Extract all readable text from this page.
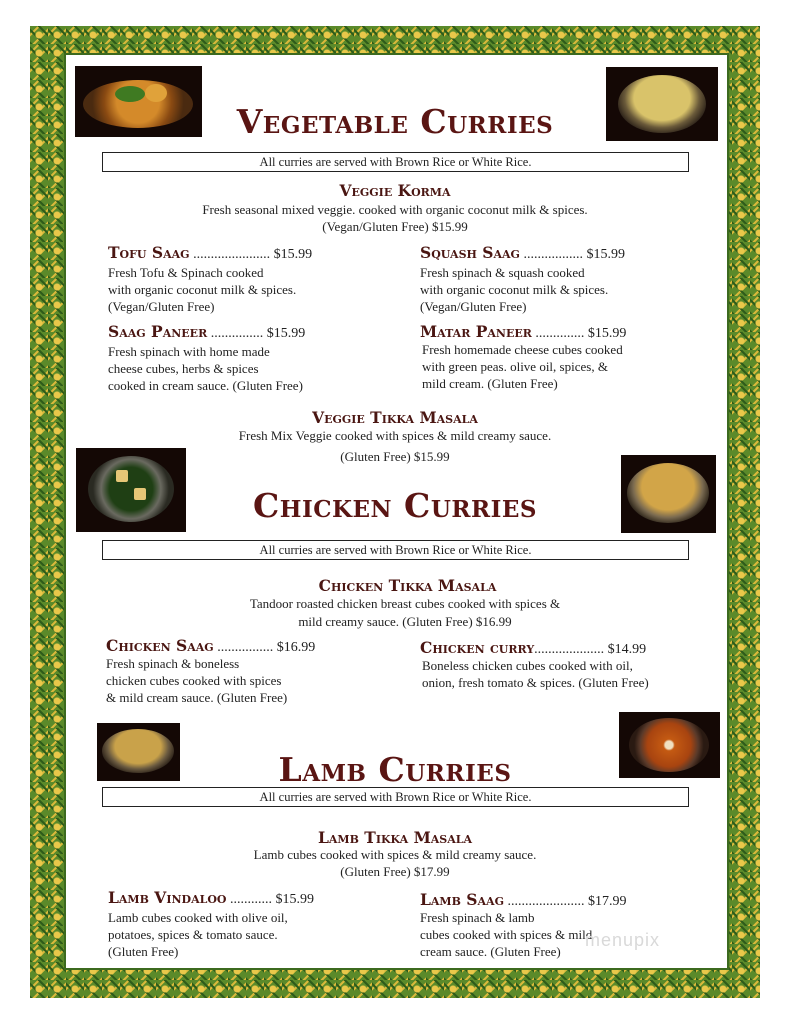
Vegetable Curries
All curries are served with Brown Rice or White Rice.
Veggie Korma
Fresh seasonal mixed veggie. cooked with organic coconut milk & spices.
(Vegan/Gluten Free) $15.99
Tofu Saag ...................... $15.99
Fresh Tofu & Spinach cooked
with organic coconut milk & spices.
(Vegan/Gluten Free)
Squash Saag ................. $15.99
Fresh spinach & squash cooked
with organic coconut milk & spices.
(Vegan/Gluten Free)
Saag Paneer ............... $15.99
Fresh spinach with home made
cheese cubes, herbs & spices
cooked in cream sauce. (Gluten Free)
Matar Paneer .............. $15.99
Fresh homemade cheese cubes cooked
with green peas. olive oil, spices, &
mild cream. (Gluten Free)
Veggie Tikka Masala
Fresh Mix Veggie cooked with spices & mild creamy sauce.
(Gluten Free) $15.99
Chicken Curries
All curries are served with Brown Rice or White Rice.
Chicken Tikka Masala
Tandoor roasted chicken breast cubes cooked with spices &
mild creamy sauce. (Gluten Free) $16.99
Chicken Saag ................ $16.99
Fresh spinach & boneless
chicken cubes cooked with spices
& mild cream sauce. (Gluten Free)
Chicken curry.................... $14.99
Boneless chicken cubes cooked with oil,
onion, fresh tomato & spices. (Gluten Free)
Lamb Curries
All curries are served with Brown Rice or White Rice.
Lamb Tikka Masala
Lamb cubes cooked with spices & mild creamy sauce.
(Gluten Free) $17.99
Lamb Vindaloo ............ $15.99
Lamb cubes cooked with olive oil,
potatoes, spices & tomato sauce.
(Gluten Free)
Lamb Saag ...................... $17.99
Fresh spinach & lamb
cubes cooked with spices & mild
cream sauce. (Gluten Free)
menupix
